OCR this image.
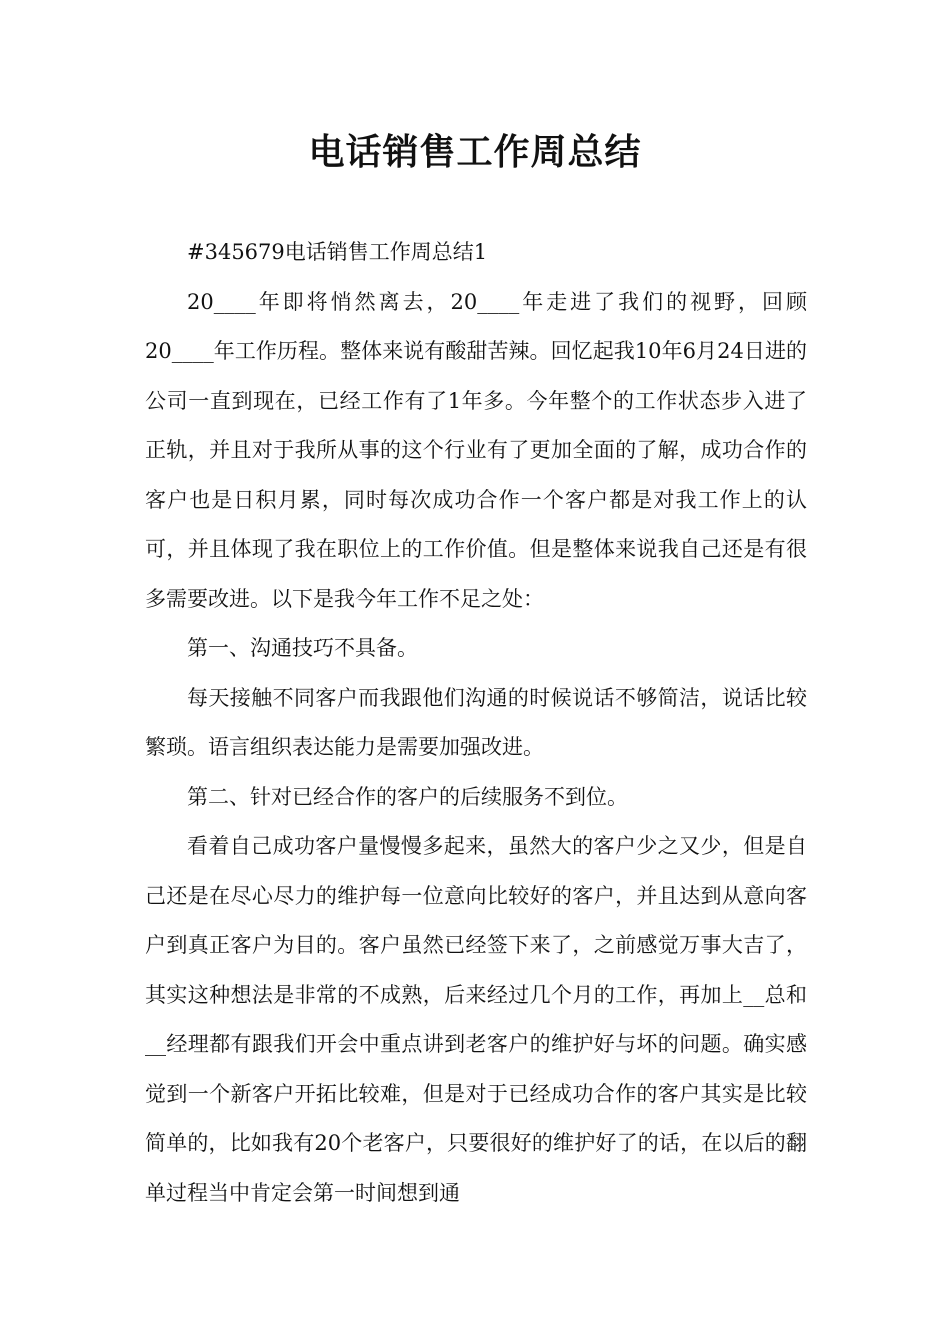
电话销售工作周总结

#345679电话销售工作周总结1

20____年即将悄然离去，20____年走进了我们的视野，回顾20____年工作历程。整体来说有酸甜苦辣。回忆起我10年6月24日进的公司一直到现在，已经工作有了1年多。今年整个的工作状态步入进了正轨，并且对于我所从事的这个行业有了更加全面的了解，成功合作的客户也是日积月累，同时每次成功合作一个客户都是对我工作上的认可，并且体现了我在职位上的工作价值。但是整体来说我自己还是有很多需要改进。以下是我今年工作不足之处：

第一、沟通技巧不具备。

每天接触不同客户而我跟他们沟通的时候说话不够简洁，说话比较繁琐。语言组织表达能力是需要加强改进。

第二、针对已经合作的客户的后续服务不到位。

看着自己成功客户量慢慢多起来，虽然大的客户少之又少，但是自己还是在尽心尽力的维护每一位意向比较好的客户，并且达到从意向客户到真正客户为目的。客户虽然已经签下来了，之前感觉万事大吉了，其实这种想法是非常的不成熟，后来经过几个月的工作，再加上__总和__经理都有跟我们开会中重点讲到老客户的维护好与坏的问题。确实感觉到一个新客户开拓比较难，但是对于已经成功合作的客户其实是比较简单的，比如我有20个老客户，只要很好的维护好了的话，在以后的翻单过程当中肯定会第一时间想到通
